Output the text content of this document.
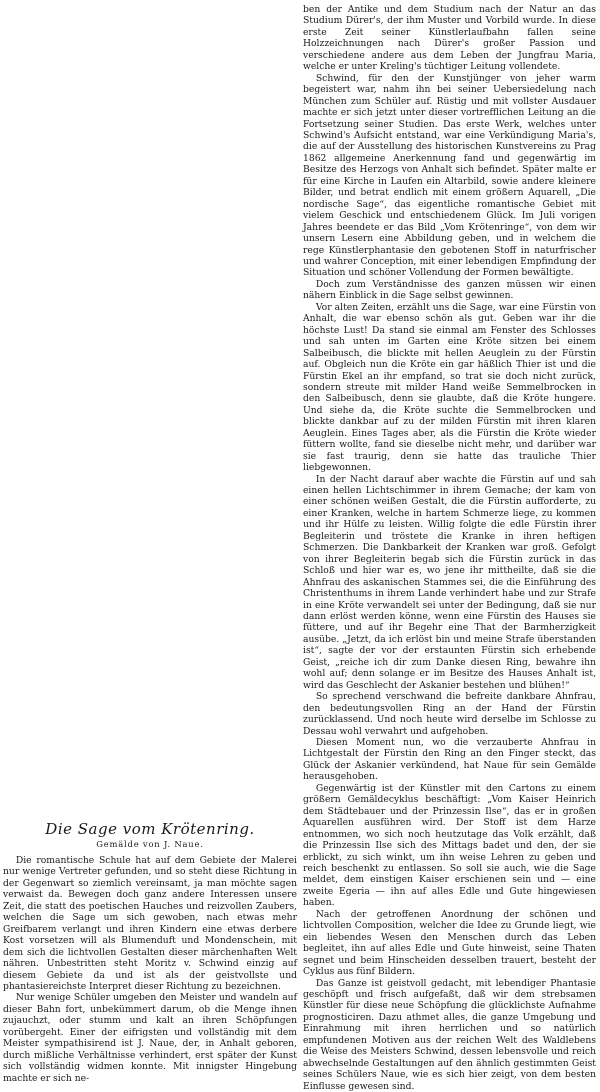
Die Sage vom Krötenring.
Gemälde von J. Naue.

Die romantische Schule hat auf dem Gebiete der Malerei nur wenige Vertreter gefunden, und so steht diese Richtung in der Gegenwart so ziemlich vereinsamt, ja man möchte sagen verwaist da. Bewegen doch ganz andere Interessen unsere Zeit, die statt des poetischen Hauches und reizvollen Zaubers, welchen die Sage um sich gewoben, nach etwas mehr Greifbarem verlangt und ihren Kindern eine etwas derbere Kost vorsetzen will als Blumenduft und Mondenschein, mit dem sich die lichtvollen Gestalten dieser märchenhaften Welt nähren. Unbestritten steht Moritz v. Schwind einzig auf diesem Gebiete da und ist als der geistvollste und phantasiereichste Interpret dieser Richtung zu bezeichnen.

Nur wenige Schüler umgeben den Meister und wandeln auf dieser Bahn fort, unbekümmert darum, ob die Menge ihnen zujauchzt, oder stumm und kalt an ihren Schöpfungen vorübergeht. Einer der eifrigsten und vollständig mit dem Meister sympathisirend ist J. Naue, der, in Anhalt geboren, durch mißliche Verhältnisse verhindert, erst später der Kunst sich vollständig widmen konnte. Mit innigster Hingebung machte er sich ne-

ben der Antike und dem Studium nach der Natur an das Studium Dürer's, der ihm Muster und Vorbild wurde. In diese erste Zeit seiner Künstlerlaufbahn fallen seine Holzzeichnungen nach Dürer's großer Passion und verschiedene andere aus dem Leben der Jungfrau Maria, welche er unter Kreling's tüchtiger Leitung vollendete.

Schwind, für den der Kunstjünger von jeher warm begeistert war, nahm ihn bei seiner Uebersiedelung nach München zum Schüler auf. Rüstig und mit vollster Ausdauer machte er sich jetzt unter dieser vortrefflichen Leitung an die Fortsetzung seiner Studien. Das erste Werk, welches unter Schwind's Aufsicht entstand, war eine Verkündigung Maria's, die auf der Ausstellung des historischen Kunstvereins zu Prag 1862 allgemeine Anerkennung fand und gegenwärtig im Besitze des Herzogs von Anhalt sich befindet. Später malte er für eine Kirche in Laufen ein Altarbild, sowie andere kleinere Bilder, und betrat endlich mit einem größern Aquarell, „Die nordische Sage“, das eigentliche romantische Gebiet mit vielem Geschick und entschiedenem Glück. Im Juli vorigen Jahres beendete er das Bild „Vom Krötenringe“, von dem wir unsern Lesern eine Abbildung geben, und in welchem die rege Künstlerphantasie den gebotenen Stoff in naturfrischer und wahrer Conception, mit einer lebendigen Empfindung der Situation und schöner Vollendung der Formen bewältigte.

Doch zum Verständnisse des ganzen müssen wir einen nähern Einblick in die Sage selbst gewinnen.

Vor alten Zeiten, erzählt uns die Sage, war eine Fürstin von Anhalt, die war ebenso schön als gut. Geben war ihr die höchste Lust! Da stand sie einmal am Fenster des Schlosses und sah unten im Garten eine Kröte sitzen bei einem Salbeibusch, die blickte mit hellen Aeuglein zu der Fürstin auf. Obgleich nun die Kröte ein gar häßlich Thier ist und die Fürstin Ekel an ihr empfand, so trat sie doch nicht zurück, sondern streute mit milder Hand weiße Semmelbrocken in den Salbeibusch, denn sie glaubte, daß die Kröte hungere. Und siehe da, die Kröte suchte die Semmelbrocken und blickte dankbar auf zu der milden Fürstin mit ihren klaren Aeuglein. Eines Tages aber, als die Fürstin die Kröte wieder füttern wollte, fand sie dieselbe nicht mehr, und darüber war sie fast traurig, denn sie hatte das trauliche Thier liebgewonnen.

In der Nacht darauf aber wachte die Fürstin auf und sah einen hellen Lichtschimmer in ihrem Gemache; der kam von einer schönen weißen Gestalt, die die Fürstin aufforderte, zu einer Kranken, welche in hartem Schmerze liege, zu kommen und ihr Hülfe zu leisten. Willig folgte die edle Fürstin ihrer Begleiterin und tröstete die Kranke in ihren heftigen Schmerzen. Die Dankbarkeit der Kranken war groß. Gefolgt von ihrer Begleiterin begab sich die Fürstin zurück in das Schloß und hier war es, wo jene ihr mittheilte, daß sie die Ahnfrau des askanischen Stammes sei, die die Einführung des Christenthums in ihrem Lande verhindert habe und zur Strafe in eine Kröte verwandelt sei unter der Bedingung, daß sie nur dann erlöst werden könne, wenn eine Fürstin des Hauses sie füttere, und auf ihr Begehr eine That der Barmherzigkeit ausübe. „Jetzt, da ich erlöst bin und meine Strafe überstanden ist“, sagte der vor der erstaunten Fürstin sich erhebende Geist, „reiche ich dir zum Danke diesen Ring, bewahre ihn wohl auf; denn solange er im Besitze des Hauses Anhalt ist, wird das Geschlecht der Askanier bestehen und blühen!“

So sprechend verschwand die befreite dankbare Ahnfrau, den bedeutungsvollen Ring an der Hand der Fürstin zurücklassend. Und noch heute wird derselbe im Schlosse zu Dessau wohl verwahrt und aufgehoben.

Diesen Moment nun, wo die verzauberte Ahnfrau in Lichtgestalt der Fürstin den Ring an den Finger steckt, das Glück der Askanier verkündend, hat Naue für sein Gemälde herausgehoben.

Gegenwärtig ist der Künstler mit den Cartons zu einem größern Gemäldecyklus beschäftigt: „Vom Kaiser Heinrich dem Städtebauer und der Prinzessin Ilse“, das er in großen Aquarellen ausführen wird. Der Stoff ist dem Harze entnommen, wo sich noch heutzutage das Volk erzählt, daß die Prinzessin Ilse sich des Mittags badet und den, der sie erblickt, zu sich winkt, um ihn weise Lehren zu geben und reich beschenkt zu entlassen. So soll sie auch, wie die Sage meldet, dem einstigen Kaiser erschienen sein und — eine zweite Egeria — ihn auf alles Edle und Gute hingewiesen haben.

Nach der getroffenen Anordnung der schönen und lichtvollen Composition, welcher die Idee zu Grunde liegt, wie ein liebendes Wesen den Menschen durch das Leben begleitet, ihn auf alles Edle und Gute hinweist, seine Thaten segnet und beim Hinscheiden desselben trauert, besteht der Cyklus aus fünf Bildern.

Das Ganze ist geistvoll gedacht, mit lebendiger Phantasie geschöpft und frisch aufgefaßt, daß wir dem strebsamen Künstler für diese neue Schöpfung die glücklichste Aufnahme prognosticiren. Dazu athmet alles, die ganze Umgebung und Einrahmung mit ihren herrlichen und so natürlich empfundenen Motiven aus der reichen Welt des Waldlebens die Weise des Meisters Schwind, dessen lebensvolle und reich abwechselnde Gestaltungen auf den ähnlich gestimmten Geist seines Schülers Naue, wie es sich hier zeigt, von dem besten Einflusse gewesen sind.
